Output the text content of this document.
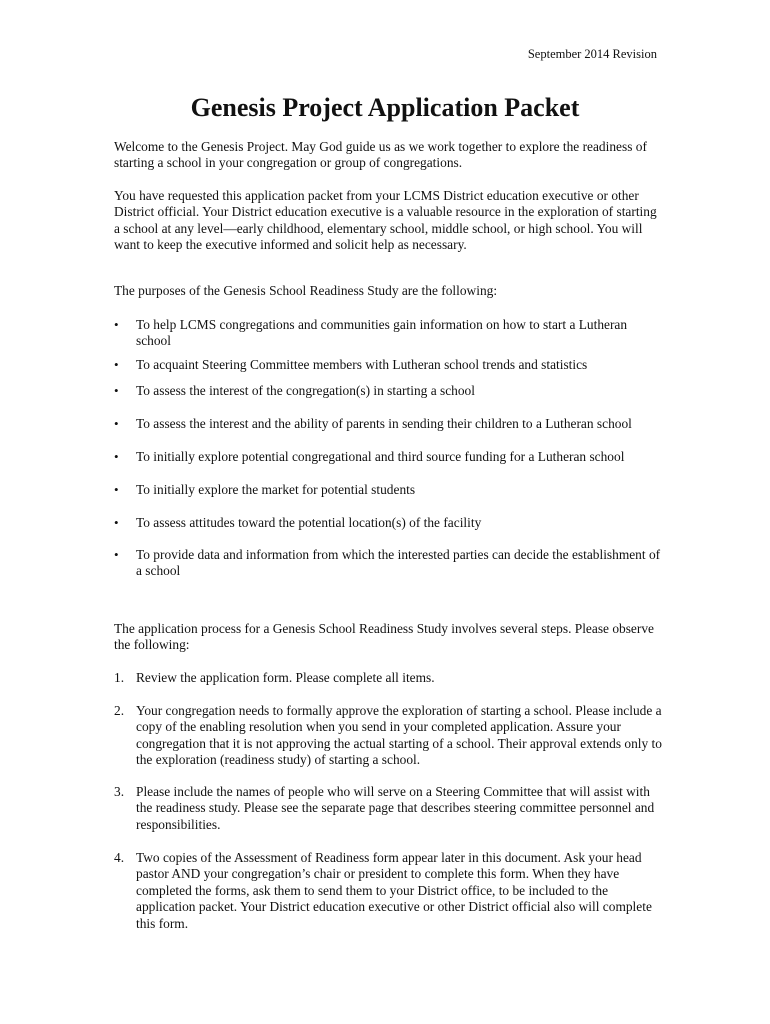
September 2014 Revision
Genesis Project Application Packet

Welcome to the Genesis Project. May God guide us as we work together to explore the readiness of starting a school in your congregation or group of congregations.

You have requested this application packet from your LCMS District education executive or other District official. Your District education executive is a valuable resource in the exploration of starting a school at any level—early childhood, elementary school, middle school, or high school. You will want to keep the executive informed and solicit help as necessary.

The purposes of the Genesis School Readiness Study are the following:

•	To help LCMS congregations and communities gain information on how to start a Lutheran school
•	To acquaint Steering Committee members with Lutheran school trends and statistics
•	To assess the interest of the congregation(s) in starting a school
•	To assess the interest and the ability of parents in sending their children to a Lutheran school
•	To initially explore potential congregational and third source funding for a Lutheran school
•	To initially explore the market for potential students
•	To assess attitudes toward the potential location(s) of the facility
•	To provide data and information from which the interested parties can decide the establishment of a school

The application process for a Genesis School Readiness Study involves several steps. Please observe the following:

1. Review the application form. Please complete all items.
2. Your congregation needs to formally approve the exploration of starting a school. Please include a copy of the enabling resolution when you send in your completed application. Assure your congregation that it is not approving the actual starting of a school. Their approval extends only to the exploration (readiness study) of starting a school.
3. Please include the names of people who will serve on a Steering Committee that will assist with the readiness study. Please see the separate page that describes steering committee personnel and responsibilities.
4. Two copies of the Assessment of Readiness form appear later in this document. Ask your head pastor AND your congregation’s chair or president to complete this form. When they have completed the forms, ask them to send them to your District office, to be included to the application packet. Your District education executive or other District official also will complete this form.
